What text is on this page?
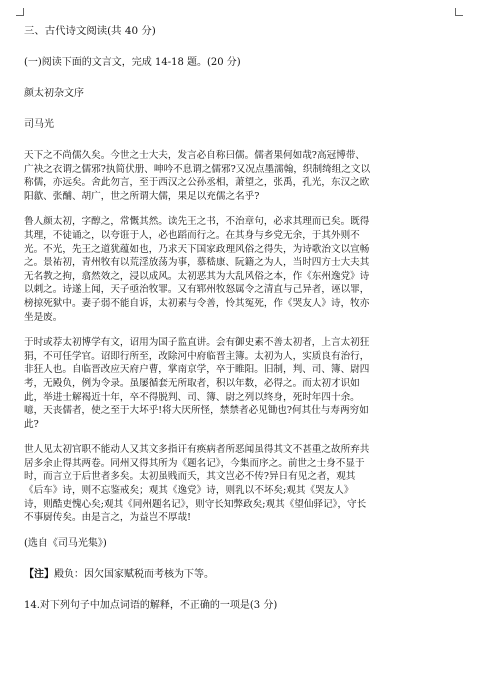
三、古代诗文阅读(共 40 分)

(一)阅读下面的文言文，完成 14-18 题。(20 分)

颜太初杂文序

司马光

天下之不尚儒久矣。今世之士大夫，发言必自称曰儒。儒者果何如哉?高冠博带、

广袂之衣谓之儒邪?执简伏册、呻吟不息谓之儒邪?又况点墨濡翰，织制绮组之文以

称儒，亦远矣。舍此勿言，至于西汉之公孙丞相，萧望之，张禹，孔光，东汉之欧

阳歙、张酺、胡广，世之所谓大儒，果足以充儒之名乎?

鲁人颜太初，字醇之，常慨其然。读先王之书，不治章句，必求其理而已矣。既得

其理，不徒诵之，以夸诳于人，必也蹈而行之。在其身与乡党无余，于其外则不

光。不光，先王之道犹蕴如也，乃求天下国家政理风俗之得失，为诗歌治文以宣畅

之。景祐初，青州牧有以荒淫放荡为事，慕嵇康、阮籍之为人，当时四方士大夫其

无名教之拘，翕然效之，浸以成风。太初恶其为大乱风俗之本，作《东州逸党》诗

以刺之。诗遂上闻，天子亟治牧罪。又有郓州牧怒属令之清直与己异者，诬以罪，

榜掠死狱中。妻子弱不能自诉，太初素与令善，怜其冤死，作《哭友人》诗，牧亦

坐是废。

于时或荐太初博学有文，诏用为国子监直讲。会有御史素不善太初者，上言太初狂

狷，不可任学官。诏即行所至，改除河中府临晋主簿。太初为人，实质良有治行，

非狂人也。自临晋改应天府户曹，掌南京学，卒于睢阳。旧制，判、司、簿、尉四

考，无殿负，例为令录。虽屡循套无所取者，积以年数，必得之。而太初才识如

此，举进士解褐近十年，卒不得脱判、司、簿、尉之列以终身，死时年四十余。

噫，天丧儒者，使之至于大坏乎!将大厌所怪，禁禁者必见锄也?何其仕与寿两穷如

此?

世人见太初官职不能动人又其文多指讦有痪病者所恶闻虽得其文不甚重之故所弃共

居多余止得其两卷。同州又得其所为《题名记》，今集而序之。前世之士身不显于

时，而言立于后世者多矣。太初虽贱而夭，其文岂必不传?异日有见之者，观其

《后车》诗，则不忘鉴戒矣；观其《逸党》诗，则乳以不坏矣;观其《哭友人》

诗，则酷吏愧心矣;观其《同州题名记》，则守长知弊政矣;观其《望仙驿记》，守长

不事厨传矣。由是言之，为益岂不厚哉!

(选自《司马光集》)

【注】殿负：因欠国家赋税而考核为下等。

14.对下列句子中加点词语的解释，不正确的一项是(3 分)
